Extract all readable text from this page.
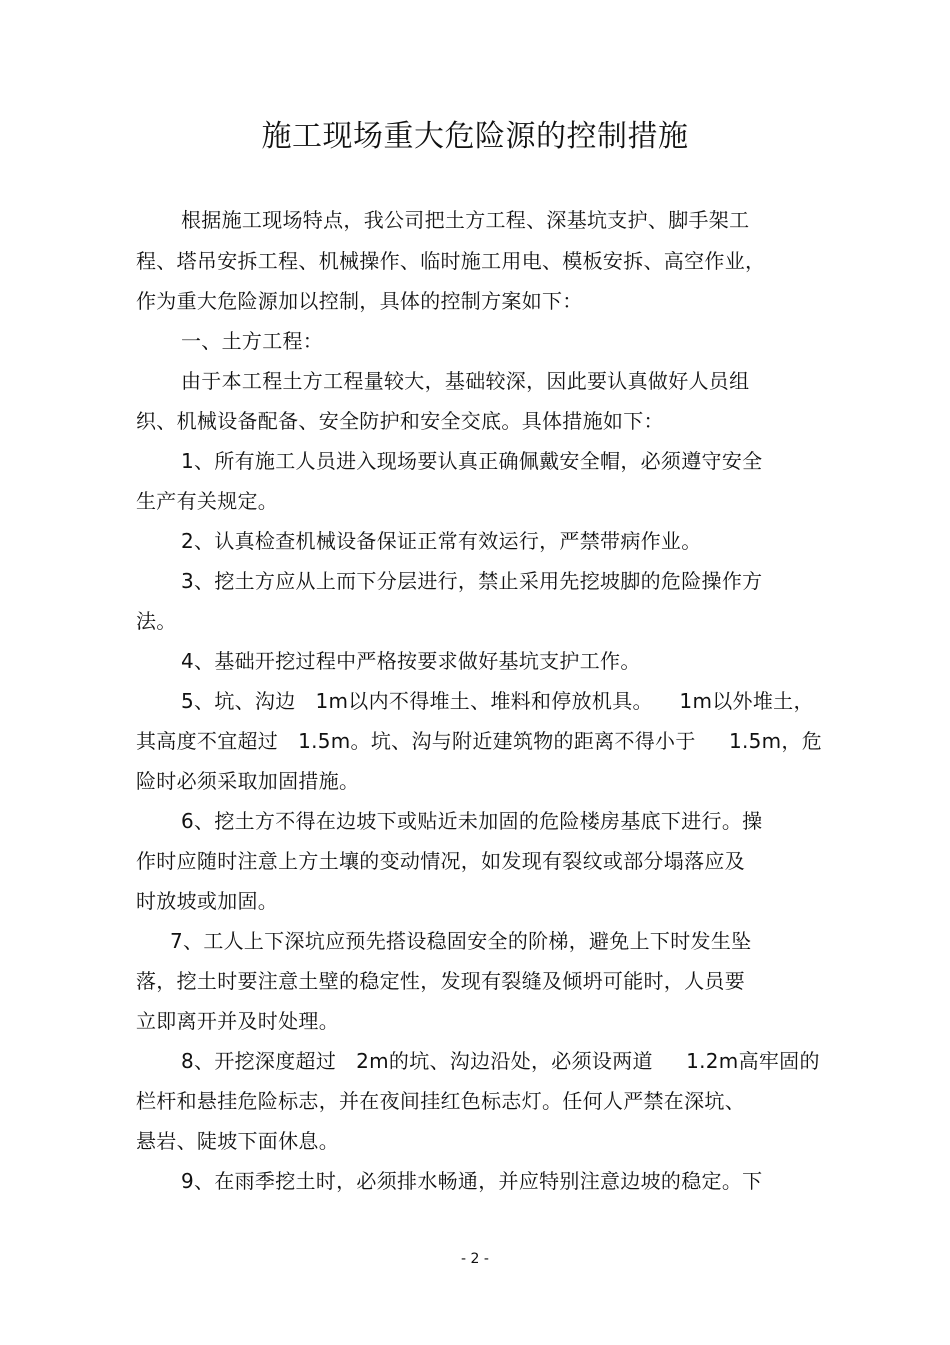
施工现场重大危险源的控制措施
根据施工现场特点，我公司把土方工程、深基坑支护、脚手架工
程、塔吊安拆工程、机械操作、临时施工用电、模板安拆、高空作业，
作为重大危险源加以控制，具体的控制方案如下：
一、土方工程：
由于本工程土方工程量较大，基础较深，因此要认真做好人员组
织、机械设备配备、安全防护和安全交底。具体措施如下：
1、所有施工人员进入现场要认真正确佩戴安全帽，必须遵守安全
生产有关规定。
2、认真检查机械设备保证正常有效运行，严禁带病作业。
3、挖土方应从上而下分层进行，禁止采用先挖坡脚的危险操作方
法。
4、基础开挖过程中严格按要求做好基坑支护工作。
5、坑、沟边   1m以内不得堆土、堆料和停放机具。    1m以外堆土，
其高度不宜超过   1.5m。坑、沟与附近建筑物的距离不得小于     1.5m，危
险时必须采取加固措施。
6、挖土方不得在边坡下或贴近未加固的危险楼房基底下进行。操
作时应随时注意上方土壤的变动情况，如发现有裂纹或部分塌落应及
时放坡或加固。
7、工人上下深坑应预先搭设稳固安全的阶梯，避免上下时发生坠
落，挖土时要注意土壁的稳定性，发现有裂缝及倾坍可能时，人员要
立即离开并及时处理。
8、开挖深度超过   2m的坑、沟边沿处，必须设两道     1.2m高牢固的
栏杆和悬挂危险标志，并在夜间挂红色标志灯。任何人严禁在深坑、
悬岩、陡坡下面休息。
9、在雨季挖土时，必须排水畅通，并应特别注意边坡的稳定。下
- 2 -
